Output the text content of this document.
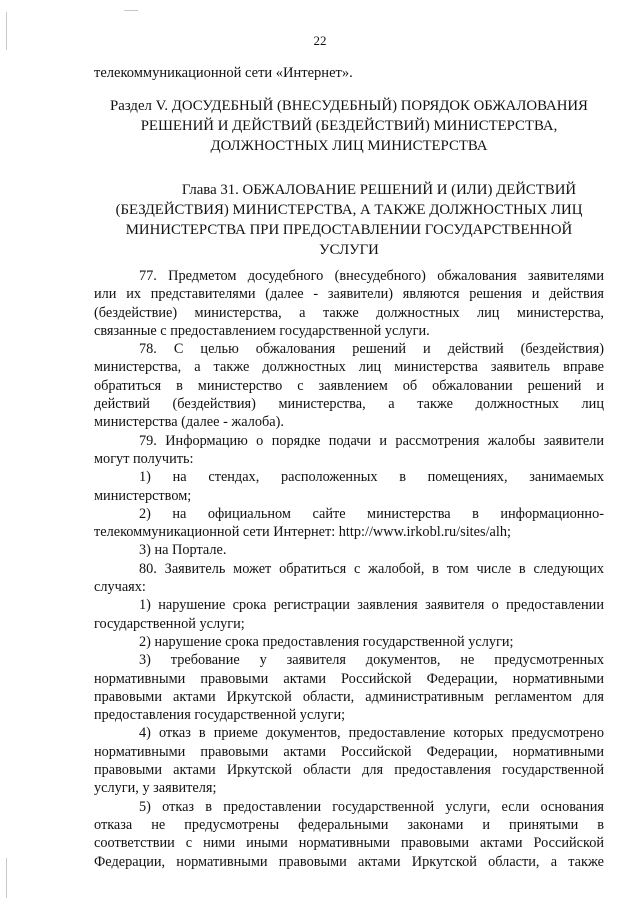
22
телекоммуникационной сети «Интернет».
Раздел V. ДОСУДЕБНЫЙ (ВНЕСУДЕБНЫЙ) ПОРЯДОК ОБЖАЛОВАНИЯ
РЕШЕНИЙ И ДЕЙСТВИЙ (БЕЗДЕЙСТВИЙ) МИНИСТЕРСТВА,
ДОЛЖНОСТНЫХ ЛИЦ МИНИСТЕРСТВА
Глава 31. ОБЖАЛОВАНИЕ РЕШЕНИЙ И (ИЛИ) ДЕЙСТВИЙ
(БЕЗДЕЙСТВИЯ) МИНИСТЕРСТВА, А ТАКЖЕ ДОЛЖНОСТНЫХ ЛИЦ
МИНИСТЕРСТВА ПРИ ПРЕДОСТАВЛЕНИИ ГОСУДАРСТВЕННОЙ
УСЛУГИ
77. Предметом досудебного (внесудебного) обжалования заявителями
или их представителями (далее - заявители) являются решения и действия
(бездействие) министерства, а также должностных лиц министерства,
связанные с предоставлением государственной услуги.
78. С целью обжалования решений и действий (бездействия)
министерства, а также должностных лиц министерства заявитель вправе
обратиться в министерство с заявлением об обжаловании решений и
действий (бездействия) министерства, а также должностных лиц
министерства (далее - жалоба).
79. Информацию о порядке подачи и рассмотрения жалобы заявители
могут получить:
1) на стендах, расположенных в помещениях, занимаемых
министерством;
2) на официальном сайте министерства в информационно-
телекоммуникационной сети Интернет: http://www.irkobl.ru/sites/alh;
3) на Портале.
80. Заявитель может обратиться с жалобой, в том числе в следующих
случаях:
1) нарушение срока регистрации заявления заявителя о предоставлении
государственной услуги;
2) нарушение срока предоставления государственной услуги;
3) требование у заявителя документов, не предусмотренных
нормативными правовыми актами Российской Федерации, нормативными
правовыми актами Иркутской области, административным регламентом для
предоставления государственной услуги;
4) отказ в приеме документов, предоставление которых предусмотрено
нормативными правовыми актами Российской Федерации, нормативными
правовыми актами Иркутской области для предоставления государственной
услуги, у заявителя;
5) отказ в предоставлении государственной услуги, если основания
отказа не предусмотрены федеральными законами и принятыми в
соответствии с ними иными нормативными правовыми актами Российской
Федерации, нормативными правовыми актами Иркутской области, а также
